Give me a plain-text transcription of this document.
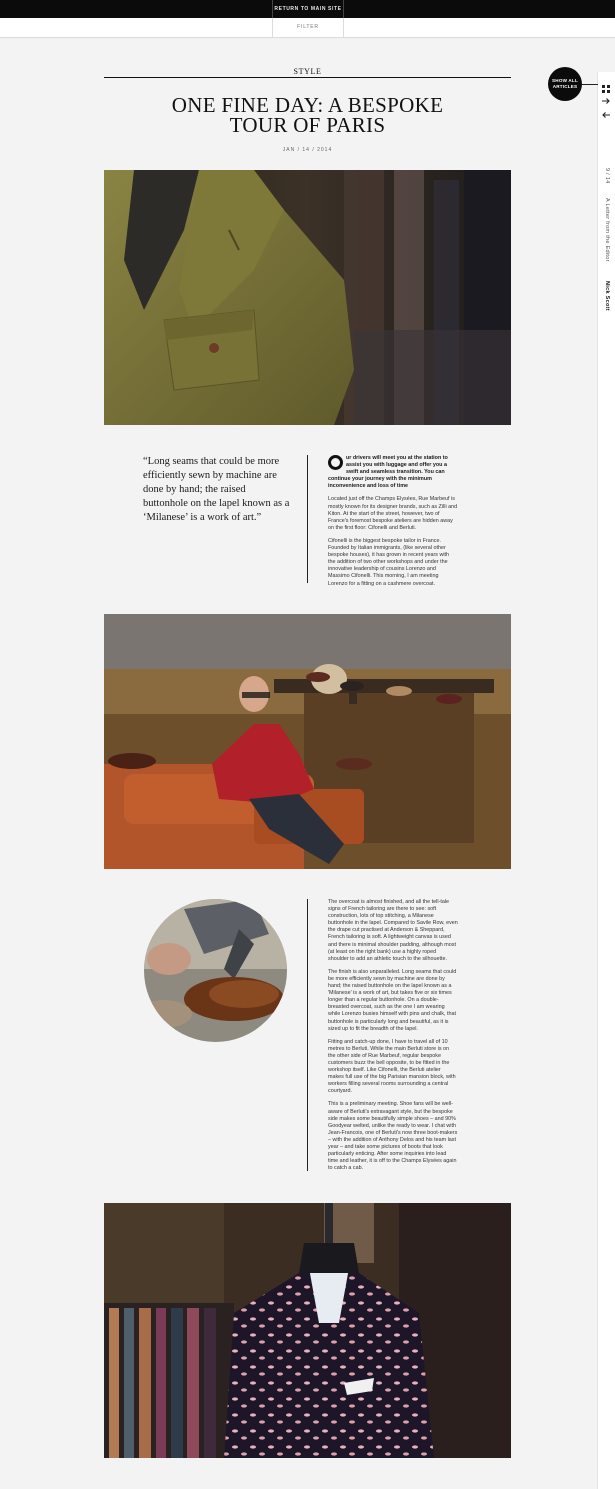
RETURN TO MAIN SITE
FILTER
SHOW ALL
ARTICLES
9 / 14
A Letter from the Editor
Nick Scott
STYLE
ONE FINE DAY: A BESPOKE
TOUR OF PARIS
JAN / 14 / 2014
“Long seams that could be more efficiently sewn by machine are done by hand; the raised buttonhole on the lapel known as a ‘Milanese’ is a work of art.”
ur drivers will meet you at the station to assist you with luggage and offer you a swift and seamless transition. You can continue your journey with the minimum inconvenience and loss of time

Located just off the Champs Elysées, Rue Marbeuf is mostly known for its designer brands, such as Zilli and Kiton. At the start of the street, however, two of France's foremost bespoke ateliers are hidden away on the first floor: Cifonelli and Berluti.

Cifonelli is the biggest bespoke tailor in France. Founded by Italian immigrants, (like several other bespoke houses), it has grown in recent years with the addition of two other workshops and under the innovative leadership of cousins Lorenzo and Massimo Cifonelli. This morning, I am meeting Lorenzo for a fitting on a cashmere overcoat.

The overcoat is almost finished, and all the tell-tale signs of French tailoring are there to see: soft construction, lots of top stitching, a Milanese buttonhole in the lapel. Compared to Savile Row, even the drape cut practised at Anderson & Sheppard, French tailoring is soft. A lightweight canvas is used and there is minimal shoulder padding, although most (at least on the right bank) use a highly roped shoulder to add an athletic touch to the silhouette.

The finish is also unparalleled. Long seams that could be more efficiently sewn by machine are done by hand; the raised buttonhole on the lapel known as a 'Milanese' is a work of art, but takes five or six times longer than a regular buttonhole. On a double-breasted overcoat, such as the one I am wearing while Lorenzo busies himself with pins and chalk, that buttonhole is particularly long and beautiful, as it is sized up to fit the breadth of the lapel.

Fitting and catch-up done, I have to travel all of 10 metres to Berluti. While the main Berluti store is on the other side of Rue Marbeuf, regular bespoke customers buzz the bell opposite, to be fitted in the workshop itself. Like Cifonelli, the Berluti atelier makes full use of the big Parisian mansion block, with workers filling several rooms surrounding a central courtyard.

This is a preliminary meeting. Shoe fans will be well-aware of Berluti's extravagant style, but the bespoke side makes some beautifully simple shoes – and 90% Goodyear welted, unlike the ready to wear. I chat with Jean-Francois, one of Berluti's now three boot-makers – with the addition of Anthony Delos and his team last year – and take some pictures of boots that look particularly enticing. After some inquiries into lead time and leather, it is off to the Champs Elysées again to catch a cab.
